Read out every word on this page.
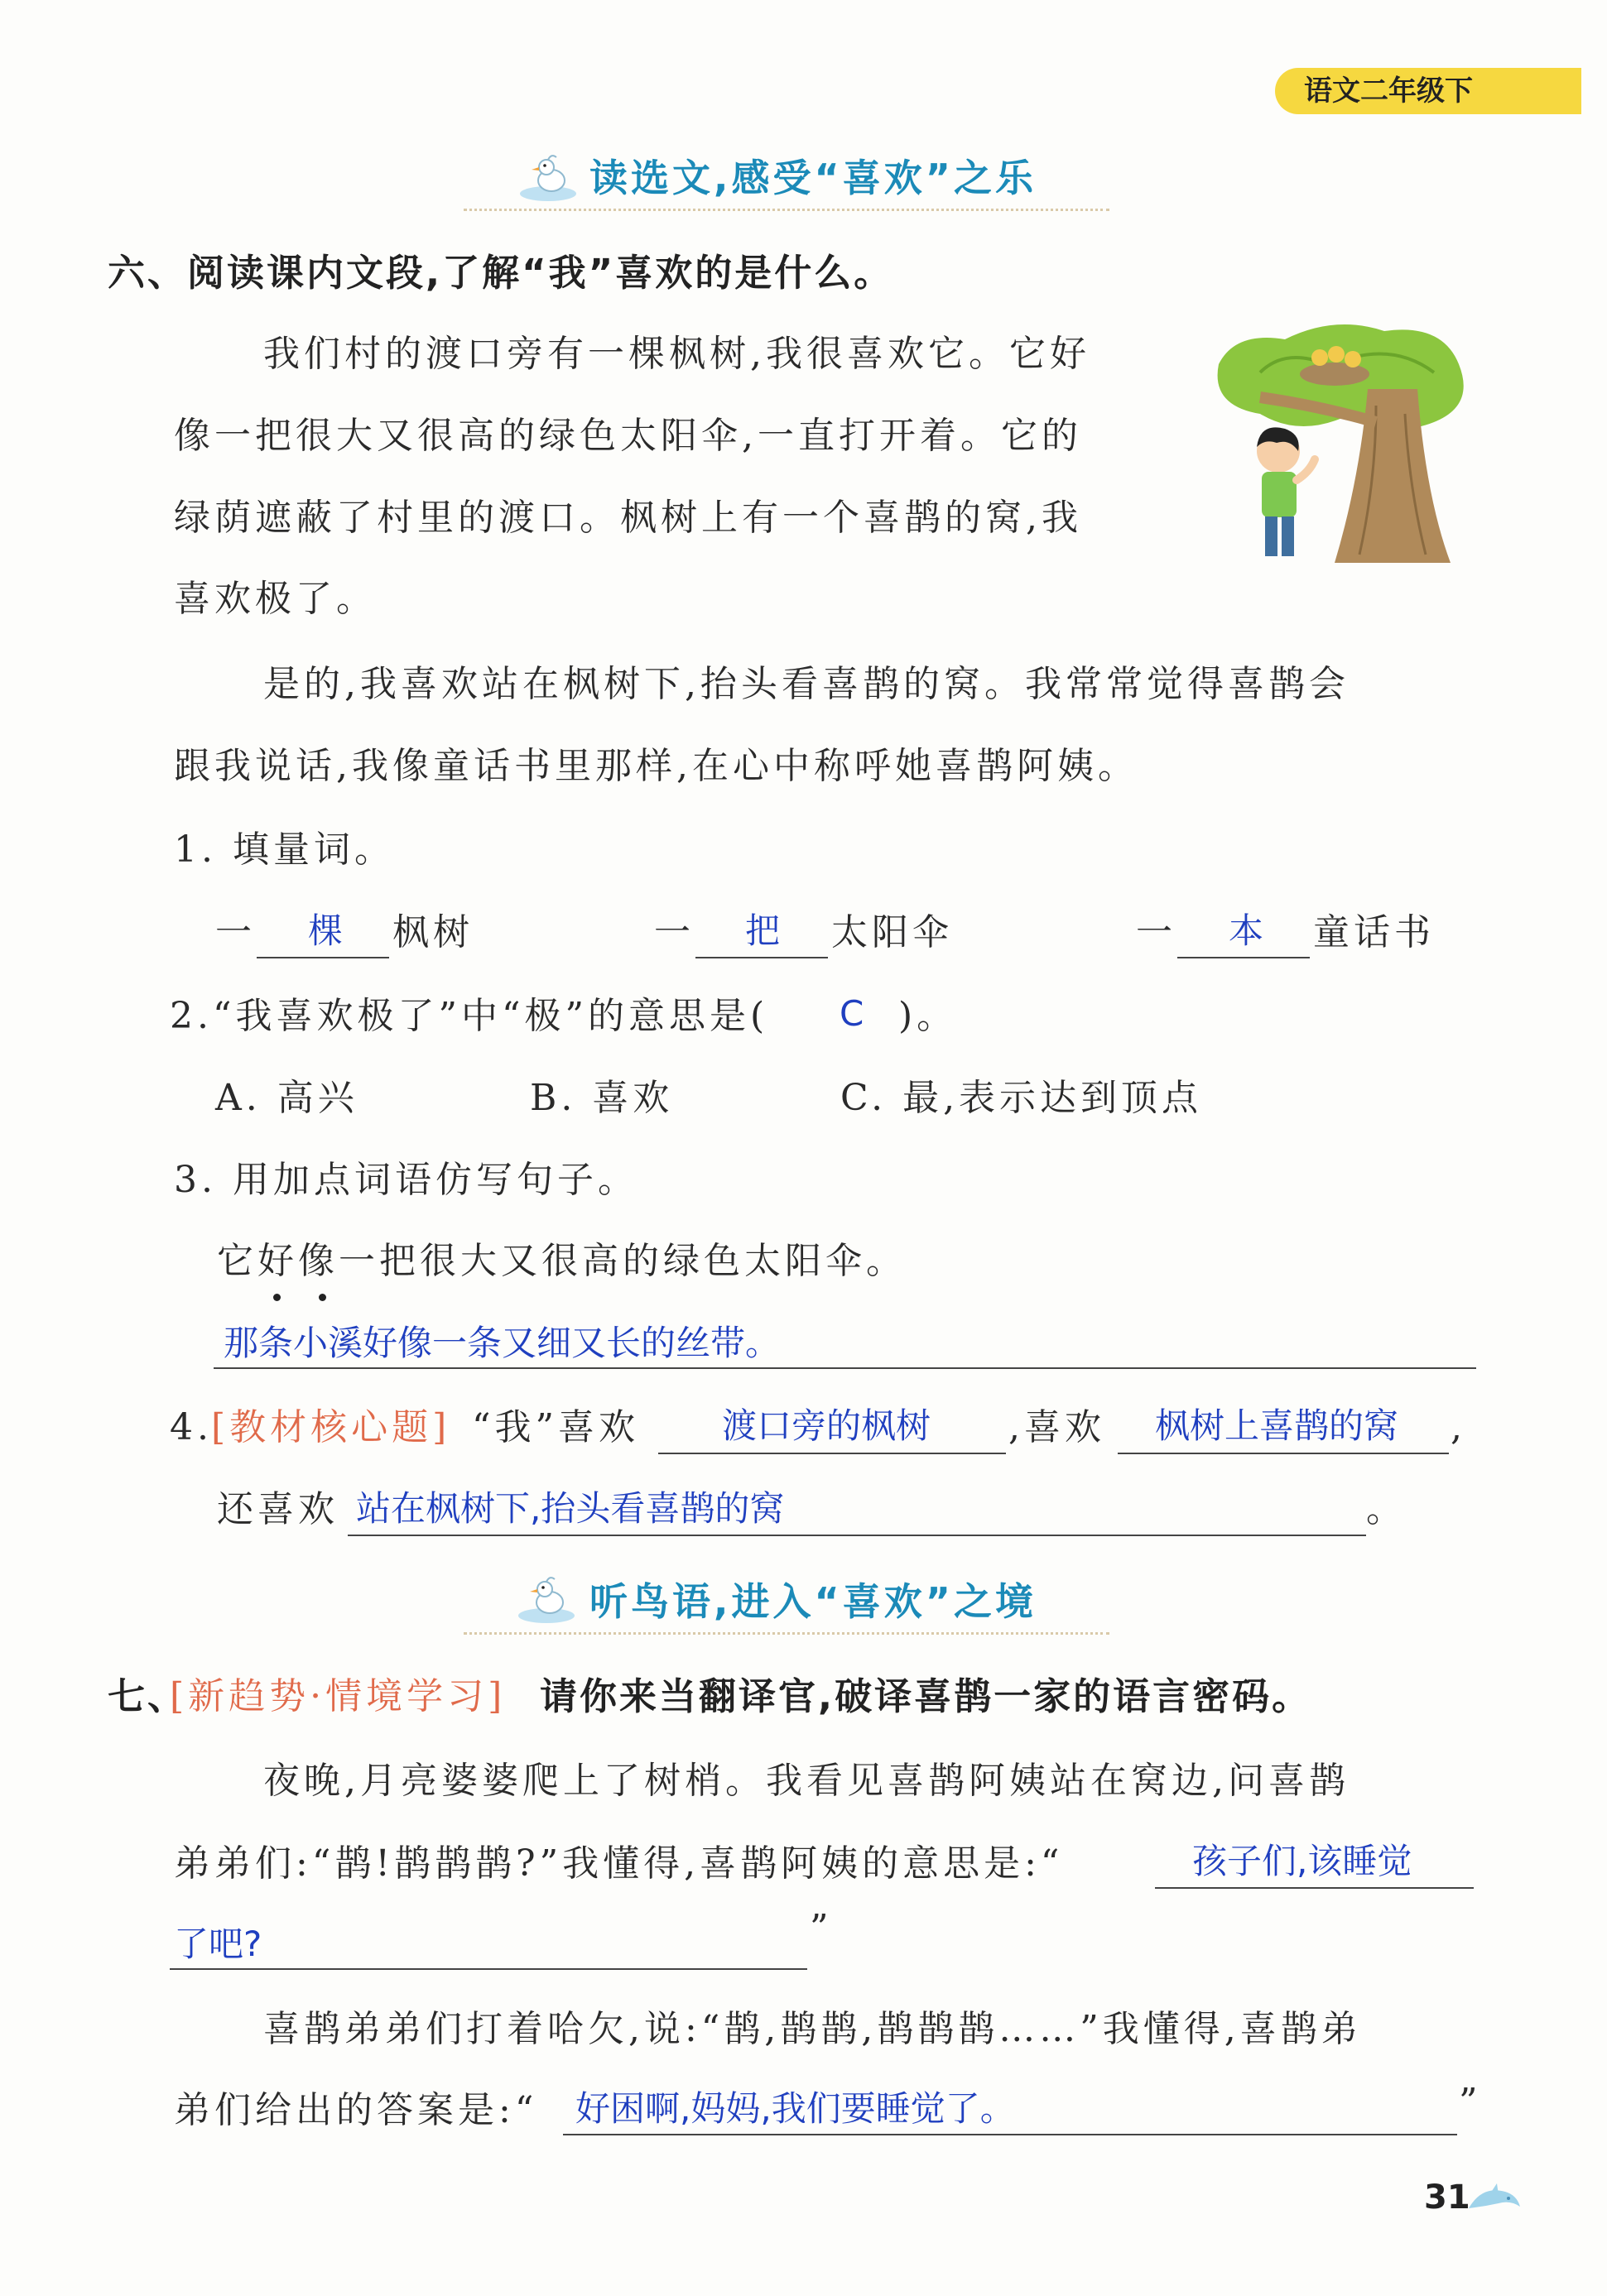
语文二年级下
读选文,感受“喜欢”之乐
六、阅读课内文段,了解“我”喜欢的是什么。
我们村的渡口旁有一棵枫树,我很喜欢它。它好
像一把很大又很高的绿色太阳伞,一直打开着。它的
绿荫遮蔽了村里的渡口。枫树上有一个喜鹊的窝,我
喜欢极了。
是的,我喜欢站在枫树下,抬头看喜鹊的窝。我常常觉得喜鹊会
跟我说话,我像童话书里那样,在心中称呼她喜鹊阿姨。
1. 填量词。
一 棵 枫树	一 把 太阳伞	一 本 童话书
2.“我喜欢极了”中“极”的意思是( C )。
A. 高兴	B. 喜欢	C. 最,表示达到顶点
3. 用加点词语仿写句子。
它好像一把很大又很高的绿色太阳伞。
那条小溪好像一条又细又长的丝带。
4.
[教材核心题] “我”喜欢 渡口旁的枫树 ,喜欢 枫树上喜鹊的窝 ,
还喜欢 站在枫树下,抬头看喜鹊的窝	。
听鸟语,进入“喜欢”之境
七、
[新趋势·情境学习] 请你来当翻译官,破译喜鹊一家的语言密码。
夜晚,月亮婆婆爬上了树梢。我看见喜鹊阿姨站在窝边,问喜鹊
弟弟们:“鹊!鹊鹊鹊?”我懂得,喜鹊阿姨的意思是:“	孩子们,该睡觉
了吧?	”
喜鹊弟弟们打着哈欠,说:“鹊,鹊鹊,鹊鹊鹊……”我懂得,喜鹊弟
弟们给出的答案是:“ 好困啊,妈妈,我们要睡觉了。	”
31
